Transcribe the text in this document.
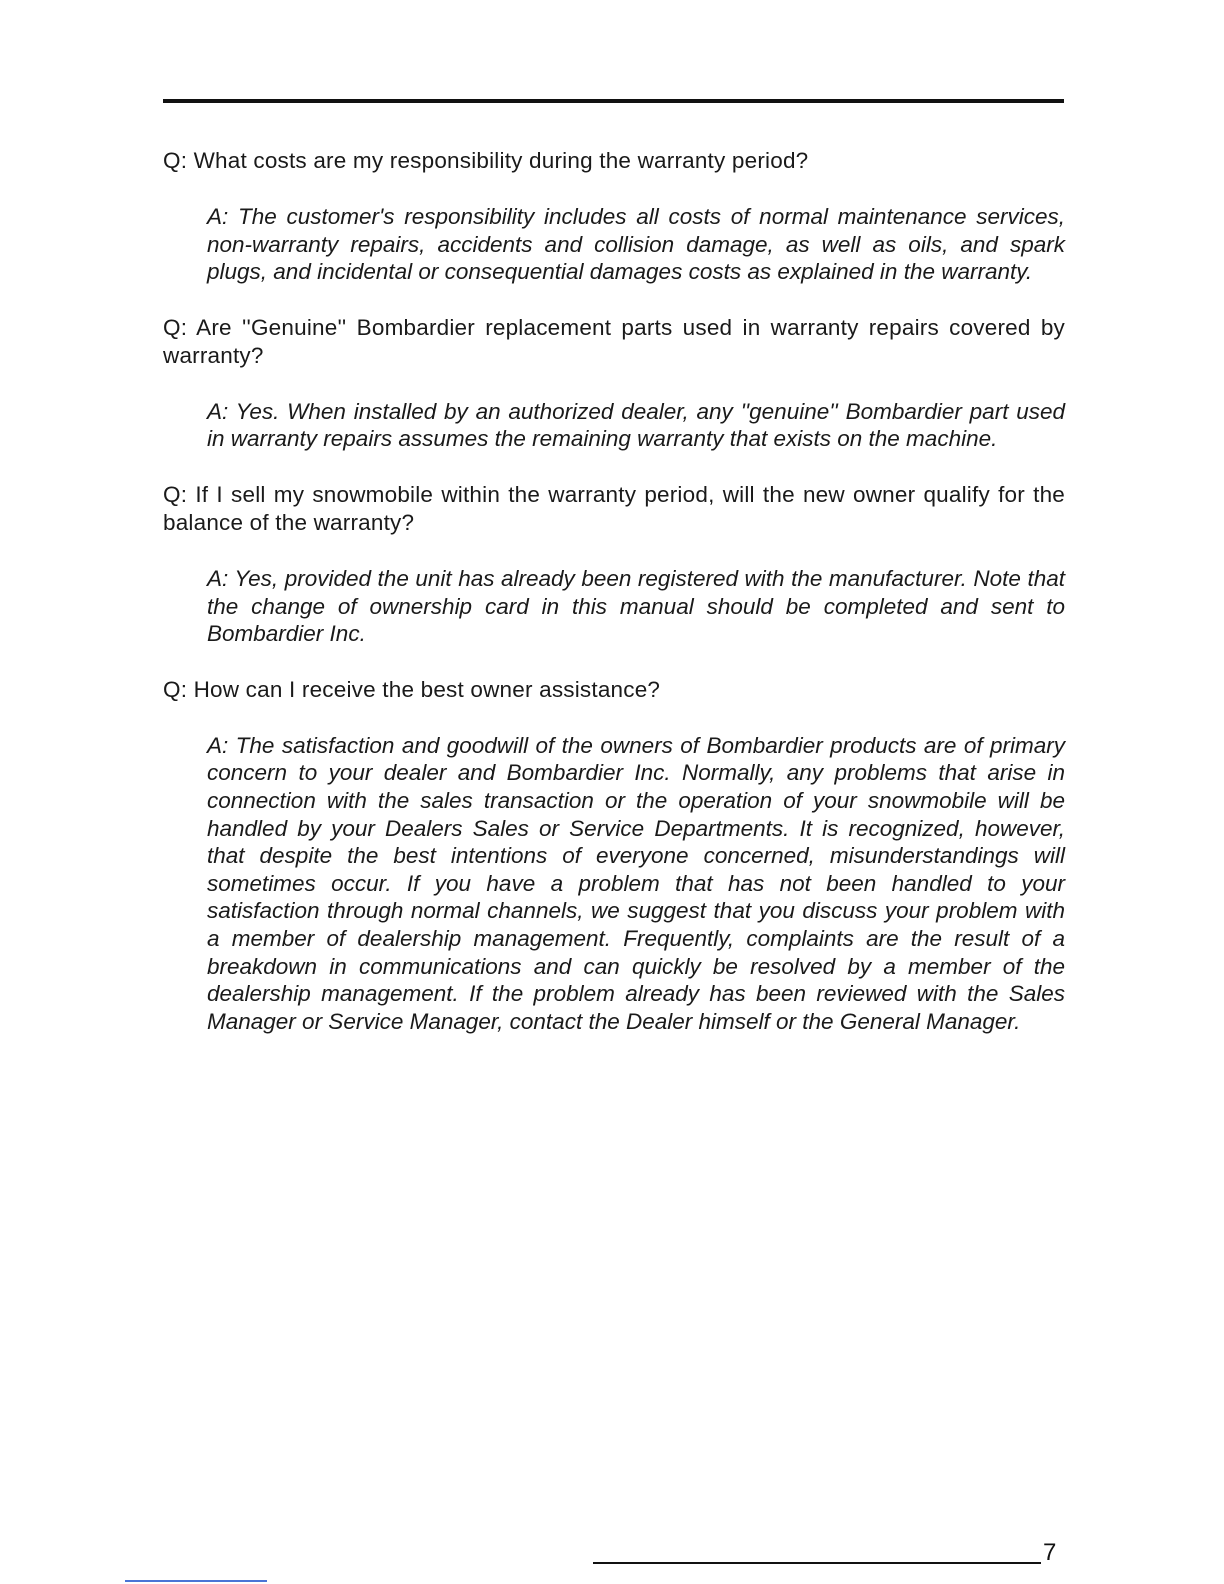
Q: What costs are my responsibility during the warranty period?

A: The customer's responsibility includes all costs of normal maintenance services, non-warranty repairs, accidents and collision damage, as well as oils, and spark plugs, and incidental or consequential damages costs as explained in the warranty.

Q: Are ''Genuine'' Bombardier replacement parts used in warranty repairs covered by warranty?

A: Yes. When installed by an authorized dealer, any ''genuine'' Bombardier part used in warranty repairs assumes the remaining warranty that exists on the machine.

Q: If I sell my snowmobile within the warranty period, will the new owner qualify for the balance of the warranty?

A: Yes, provided the unit has already been registered with the manufacturer. Note that the change of ownership card in this manual should be completed and sent to Bombardier Inc.

Q: How can I receive the best owner assistance?

A: The satisfaction and goodwill of the owners of Bombardier products are of primary concern to your dealer and Bombardier Inc. Normally, any problems that arise in connection with the sales transaction or the operation of your snowmobile will be handled by your Dealers Sales or Service Departments. It is recognized, however, that despite the best intentions of everyone concerned, misunderstandings will sometimes occur. If you have a problem that has not been handled to your satisfaction through normal channels, we suggest that you discuss your problem with a member of dealership management. Frequently, complaints are the result of a breakdown in communications and can quickly be resolved by a member of the dealership management. If the problem already has been reviewed with the Sales Manager or Service Manager, contact the Dealer himself or the General Manager.

7
